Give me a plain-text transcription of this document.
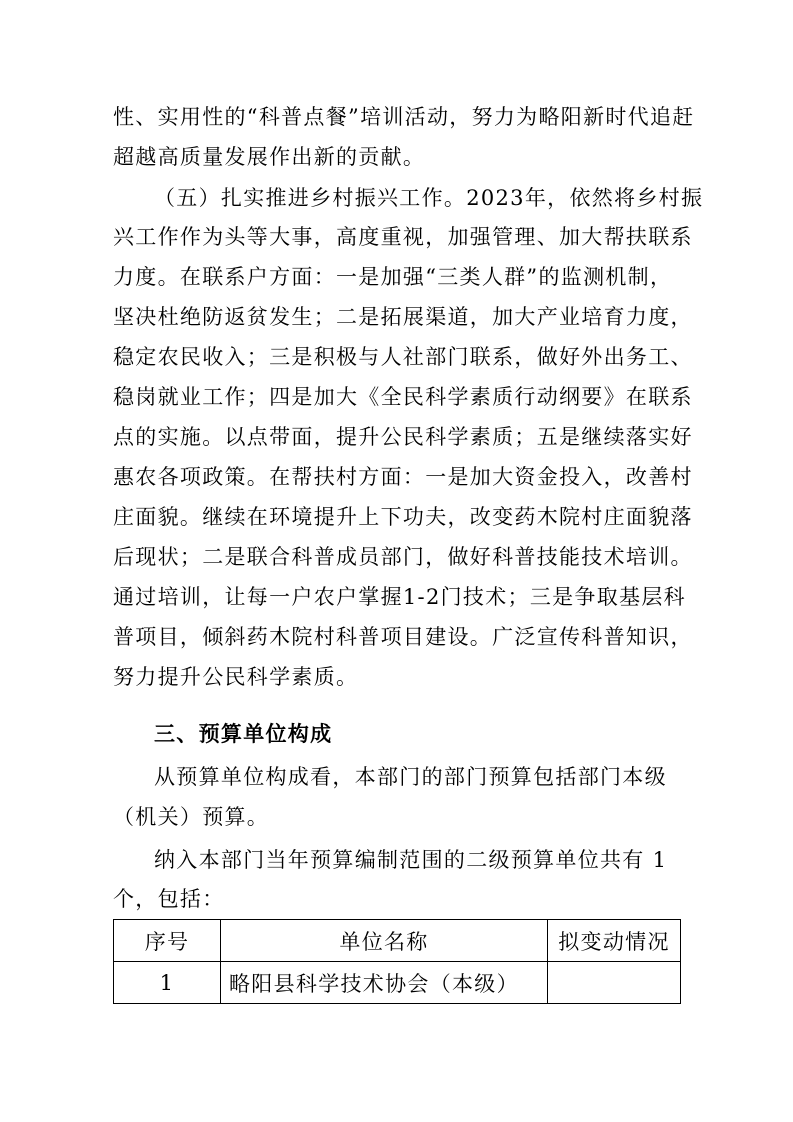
性、实用性的“科普点餐”培训活动，努力为略阳新时代追赶
超越高质量发展作出新的贡献。
（五）扎实推进乡村振兴工作。2023年，依然将乡村振
兴工作作为头等大事，高度重视，加强管理、加大帮扶联系
力度。在联系户方面：一是加强“三类人群”的监测机制，
坚决杜绝防返贫发生；二是拓展渠道，加大产业培育力度，
稳定农民收入；三是积极与人社部门联系，做好外出务工、
稳岗就业工作；四是加大《全民科学素质行动纲要》在联系
点的实施。以点带面，提升公民科学素质；五是继续落实好
惠农各项政策。在帮扶村方面：一是加大资金投入，改善村
庄面貌。继续在环境提升上下功夫，改变药木院村庄面貌落
后现状；二是联合科普成员部门，做好科普技能技术培训。
通过培训，让每一户农户掌握1-2门技术；三是争取基层科
普项目，倾斜药木院村科普项目建设。广泛宣传科普知识，
努力提升公民科学素质。
三、预算单位构成
从预算单位构成看，本部门的部门预算包括部门本级
（机关）预算。
纳入本部门当年预算编制范围的二级预算单位共有 1
个，包括：
序号	单位名称	拟变动情况
1	略阳县科学技术协会（本级）	
